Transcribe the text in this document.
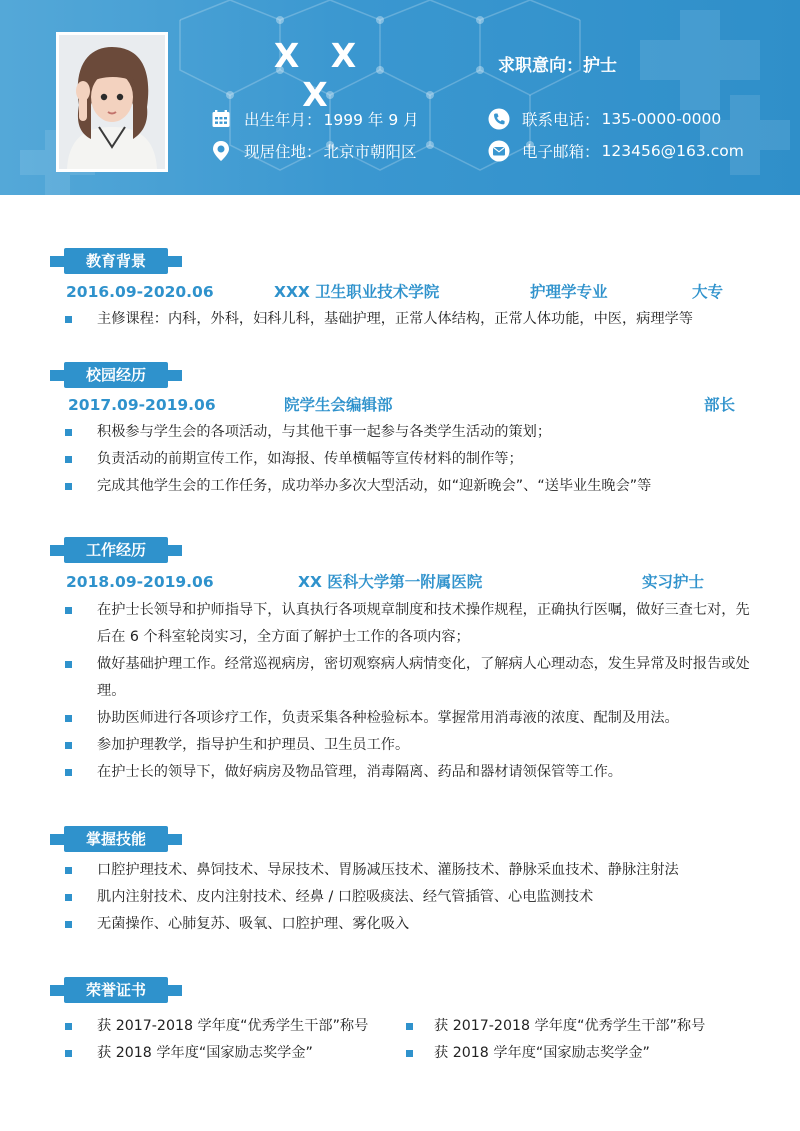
X X X
求职意向：护士
出生年月： 1999 年 9 月
现居住地： 北京市朝阳区
联系电话： 135-0000-0000
电子邮箱： 123456@163.com
教育背景
2016.09-2020.06	XXX 卫生职业技术学院	护理学专业	大专
主修课程：内科，外科，妇科儿科，基础护理，正常人体结构，正常人体功能，中医，病理学等
校园经历
2017.09-2019.06	院学生会编辑部	部长
积极参与学生会的各项活动，与其他干事一起参与各类学生活动的策划；
负责活动的前期宣传工作，如海报、传单横幅等宣传材料的制作等；
完成其他学生会的工作任务，成功举办多次大型活动，如“迎新晚会”、“送毕业生晚会”等
工作经历
2018.09-2019.06	XX 医科大学第一附属医院	实习护士
在护士长领导和护师指导下，认真执行各项规章制度和技术操作规程，正确执行医嘱，做好三查七对，先后在 6 个科室轮岗实习，全方面了解护士工作的各项内容；
做好基础护理工作。经常巡视病房，密切观察病人病情变化，了解病人心理动态，发生异常及时报告或处理。
协助医师进行各项诊疗工作，负责采集各种检验标本。掌握常用消毒液的浓度、配制及用法。
参加护理教学，指导护生和护理员、卫生员工作。
在护士长的领导下，做好病房及物品管理，消毒隔离、药品和器材请领保管等工作。
掌握技能
口腔护理技术、鼻饲技术、导尿技术、胃肠减压技术、灌肠技术、静脉采血技术、静脉注射法
肌内注射技术、皮内注射技术、经鼻 / 口腔吸痰法、经气管插管、心电监测技术
无菌操作、心肺复苏、吸氧、口腔护理、雾化吸入
荣誉证书
获 2017-2018 学年度“优秀学生干部”称号	获 2017-2018 学年度“优秀学生干部”称号
获 2018 学年度“国家励志奖学金”	获 2018 学年度“国家励志奖学金”
